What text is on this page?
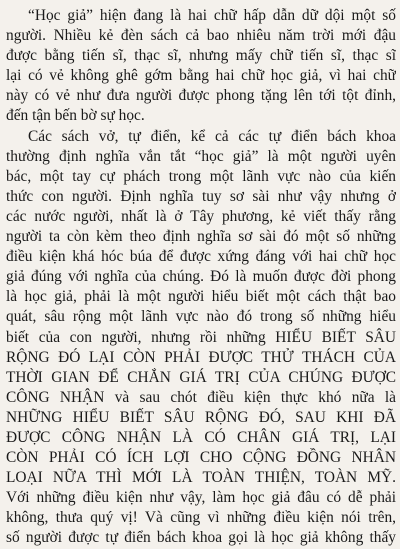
“Học giả” hiện đang là hai chữ hấp dẫn dữ dội một số
người. Nhiều kẻ đèn sách cả bao nhiêu năm trời mới đậu
được bằng tiến sĩ, thạc sĩ, nhưng mấy chữ tiến sĩ, thạc sĩ
lại có vẻ không ghê gớm bằng hai chữ học giả, vì hai chữ
này có vẻ như đưa người được phong tặng lên tới tột đỉnh,
đến tận bến bờ sự học.
Các sách vở, tự điển, kể cả các tự điển bách khoa
thường định nghĩa vắn tắt “học giả” là một người uyên
bác, một tay cự phách trong một lãnh vực nào của kiến
thức con người. Định nghĩa tuy sơ sài như vậy nhưng ở
các nước người, nhất là ở Tây phương, kẻ viết thấy rằng
người ta còn kèm theo định nghĩa sơ sài đó một số những
điều kiện khá hóc búa để được xứng đáng với hai chữ học
giả đúng với nghĩa của chúng. Đó là muốn được đời phong
là học giả, phải là một người hiểu biết một cách thật bao
quát, sâu rộng một lãnh vực nào đó trong số những hiểu
biết của con người, nhưng rồi những HIỂU BIẾT SÂU
RỘNG ĐÓ LẠI CÒN PHẢI ĐƯỢC THỬ THÁCH CỦA
THỜI GIAN ĐỂ CHẮN GIÁ TRỊ CỦA CHÚNG ĐƯỢC
CÔNG NHẬN và sau chót điều kiện thực khó nữa là
NHỮNG HIỂU BIẾT SÂU RỘNG ĐÓ, SAU KHI ĐÃ
ĐƯỢC CÔNG NHẬN LÀ CÓ CHÂN GIÁ TRỊ, LẠI
CÒN PHẢI CÓ ÍCH LỢI CHO CỘNG ĐỒNG NHÂN
LOẠI NỮA THÌ MỚI LÀ TOÀN THIỆN, TOÀN MỸ.
Với những điều kiện như vậy, làm học giả đâu có dễ phải
không, thưa quý vị! Và cũng vì những điều kiện nói trên,
số người được tự điển bách khoa gọi là học giả không thấy
